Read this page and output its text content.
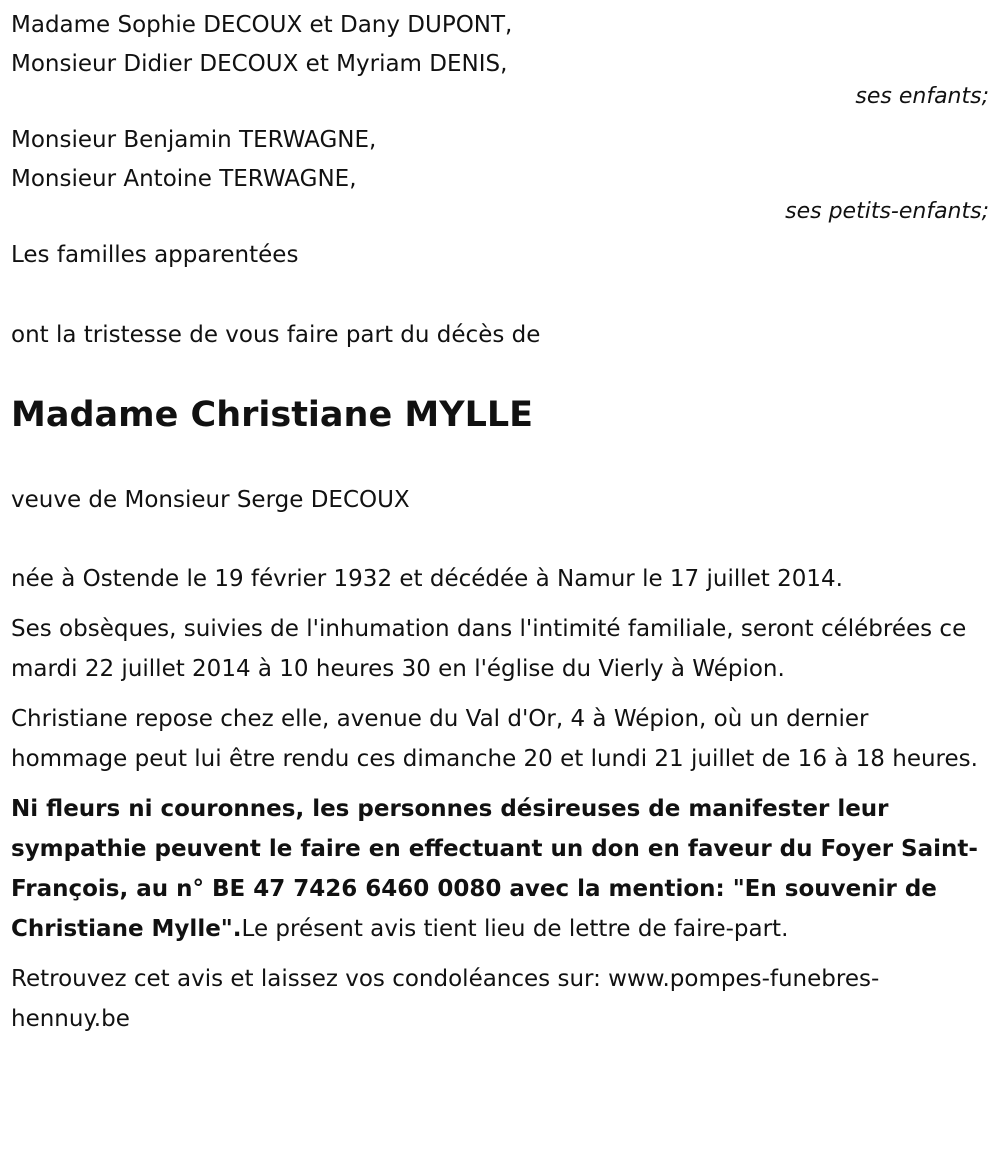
Madame Sophie DECOUX et Dany DUPONT,
Monsieur Didier DECOUX et Myriam DENIS,
ses enfants;
Monsieur Benjamin TERWAGNE,
Monsieur Antoine TERWAGNE,
ses petits-enfants;
Les familles apparentées
ont la tristesse de vous faire part du décès de
Madame Christiane MYLLE
veuve de Monsieur Serge DECOUX
née à Ostende le 19 février 1932 et décédée à Namur le 17 juillet 2014.
Ses obsèques, suivies de l'inhumation dans l'intimité familiale, seront célébrées ce mardi 22 juillet 2014 à 10 heures 30 en l'église du Vierly à Wépion.
Christiane repose chez elle, avenue du Val d'Or, 4 à Wépion, où un dernier hommage peut lui être rendu ces dimanche 20 et lundi 21 juillet de 16 à 18 heures.
Ni fleurs ni couronnes, les personnes désireuses de manifester leur sympathie peuvent le faire en effectuant un don en faveur du Foyer Saint-François, au n° BE 47 7426 6460 0080 avec la mention: "En souvenir de Christiane Mylle".Le présent avis tient lieu de lettre de faire-part.
Retrouvez cet avis et laissez vos condoléances sur: www.pompes-funebres-hennuy.be
